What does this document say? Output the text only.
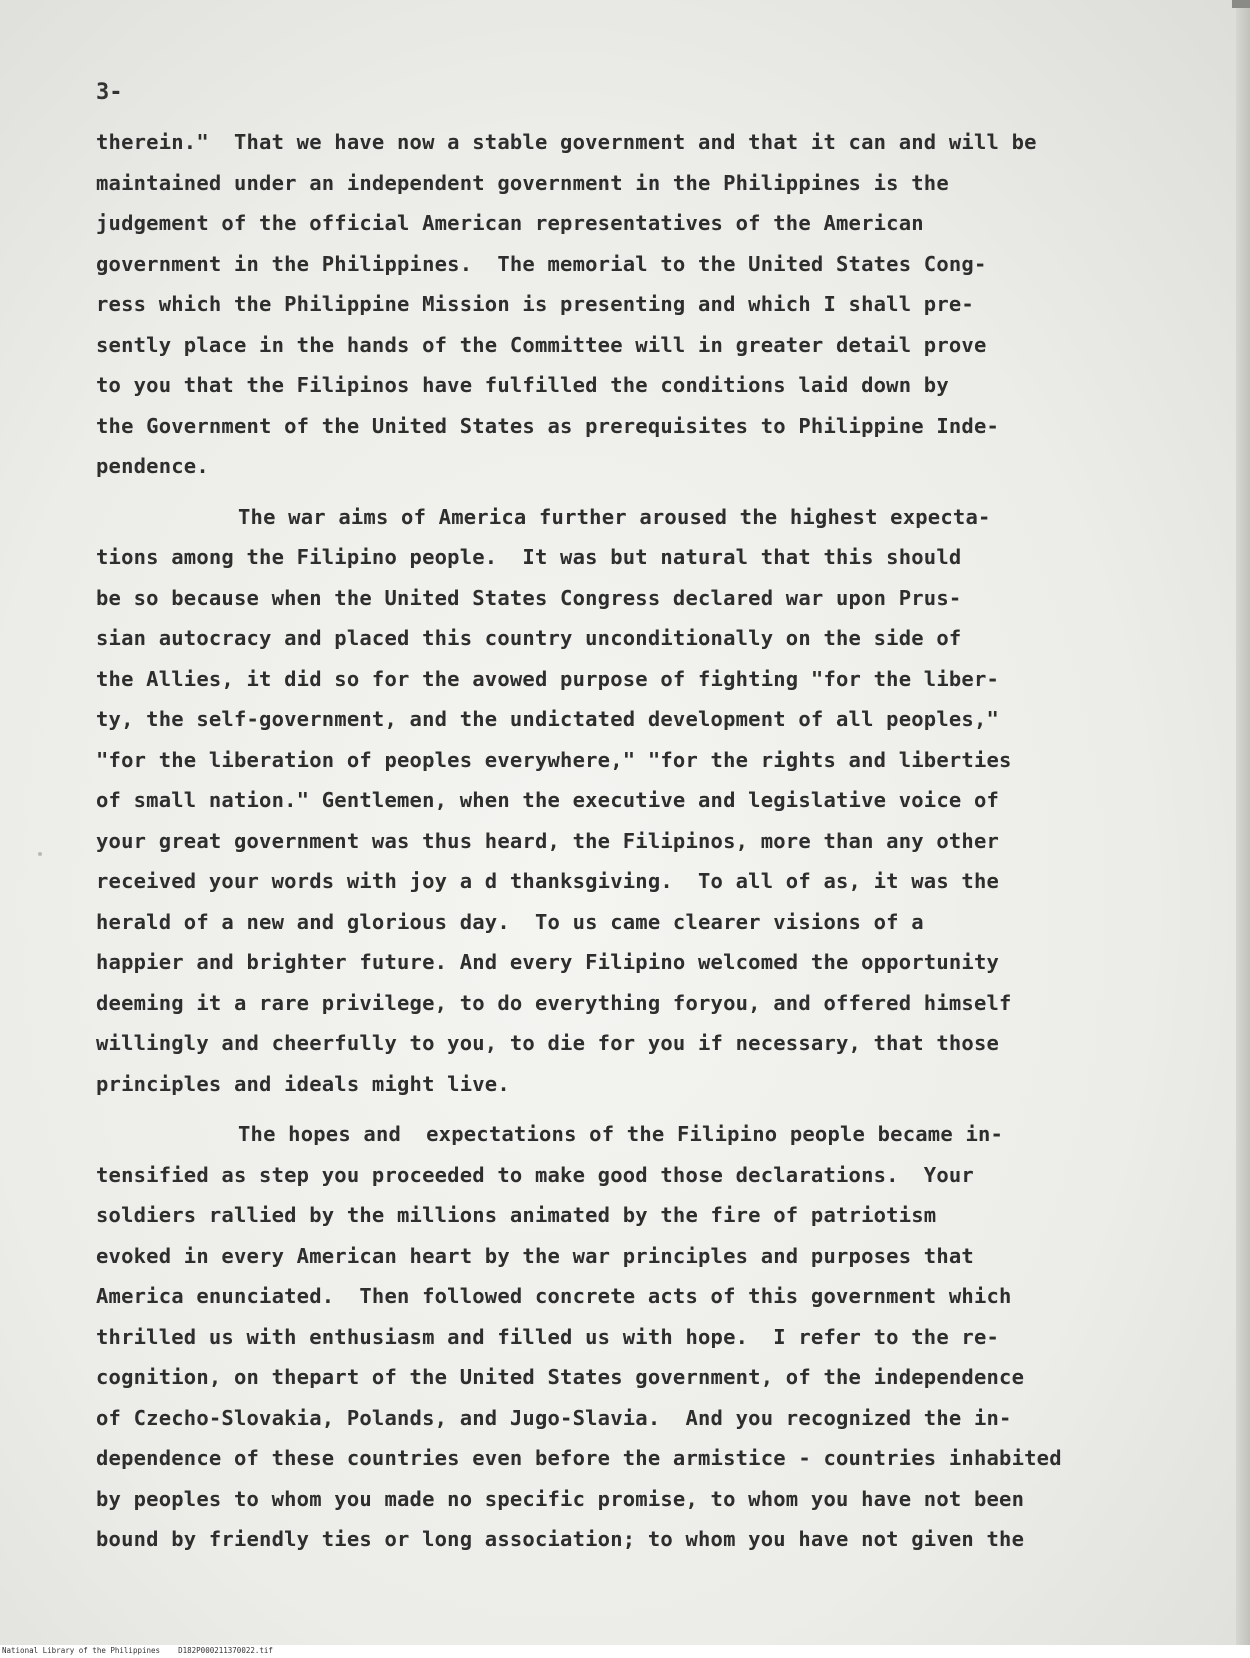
3-
therein."  That we have now a stable government and that it can and will be
maintained under an independent government in the Philippines is the
judgement of the official American representatives of the American
government in the Philippines.  The memorial to the United States Cong-
ress which the Philippine Mission is presenting and which I shall pre-
sently place in the hands of the Committee will in greater detail prove
to you that the Filipinos have fulfilled the conditions laid down by
the Government of the United States as prerequisites to Philippine Inde-
pendence.
The war aims of America further aroused the highest expecta-
tions among the Filipino people.  It was but natural that this should
be so because when the United States Congress declared war upon Prus-
sian autocracy and placed this country unconditionally on the side of
the Allies, it did so for the avowed purpose of fighting "for the liber-
ty, the self-government, and the undictated development of all peoples,"
"for the liberation of peoples everywhere," "for the rights and liberties
of small nation." Gentlemen, when the executive and legislative voice of
your great government was thus heard, the Filipinos, more than any other
received your words with joy a d thanksgiving.  To all of as, it was the
herald of a new and glorious day.  To us came clearer visions of a
happier and brighter future. And every Filipino welcomed the opportunity
deeming it a rare privilege, to do everything foryou, and offered himself
willingly and cheerfully to you, to die for you if necessary, that those
principles and ideals might live.
The hopes and  expectations of the Filipino people became in-
tensified as step you proceeded to make good those declarations.  Your
soldiers rallied by the millions animated by the fire of patriotism
evoked in every American heart by the war principles and purposes that
America enunciated.  Then followed concrete acts of this government which
thrilled us with enthusiasm and filled us with hope.  I refer to the re-
cognition, on thepart of the United States government, of the independence
of Czecho-Slovakia, Polands, and Jugo-Slavia.  And you recognized the in-
dependence of these countries even before the armistice - countries inhabited
by peoples to whom you made no specific promise, to whom you have not been
bound by friendly ties or long association; to whom you have not given the
National Library of the Philippines    D182P000211370022.tif
